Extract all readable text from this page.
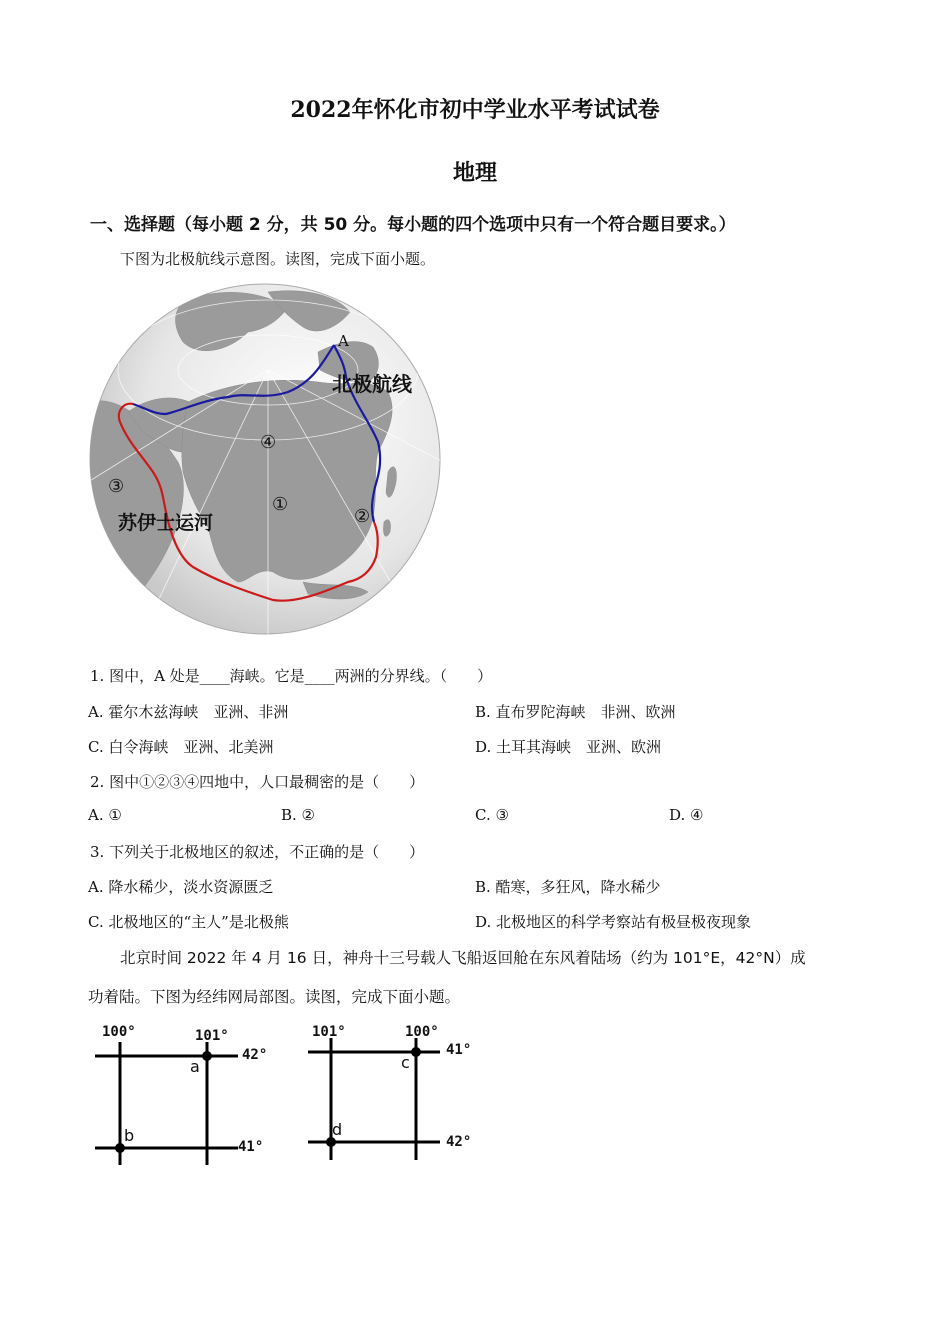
2022年怀化市初中学业水平考试试卷
地理
一、选择题（每小题 2 分，共 50 分。每小题的四个选项中只有一个符合题目要求。）
下图为北极航线示意图。读图，完成下面小题。
A
北极航线
苏伊士运河
①
②
③
④
1. 图中，A 处是____海峡。它是____两洲的分界线。（　　）
A. 霍尔木兹海峡　亚洲、非洲	B. 直布罗陀海峡　非洲、欧洲
C. 白令海峡　亚洲、北美洲	D. 土耳其海峡　亚洲、欧洲
2. 图中①②③④四地中，人口最稠密的是（　　）
A. ①	B. ②	C. ③	D. ④
3. 下列关于北极地区的叙述，不正确的是（　　）
A. 降水稀少，淡水资源匮乏	B. 酷寒，多狂风，降水稀少
C. 北极地区的“主人”是北极熊	D. 北极地区的科学考察站有极昼极夜现象
北京时间 2022 年 4 月 16 日，神舟十三号载人飞船返回舱在东风着陆场（约为 101°E，42°N）成
功着陆。下图为经纬网局部图。读图，完成下面小题。
100°	101°
42°
41°
a
b
101°	100°
41°
42°
c
d
